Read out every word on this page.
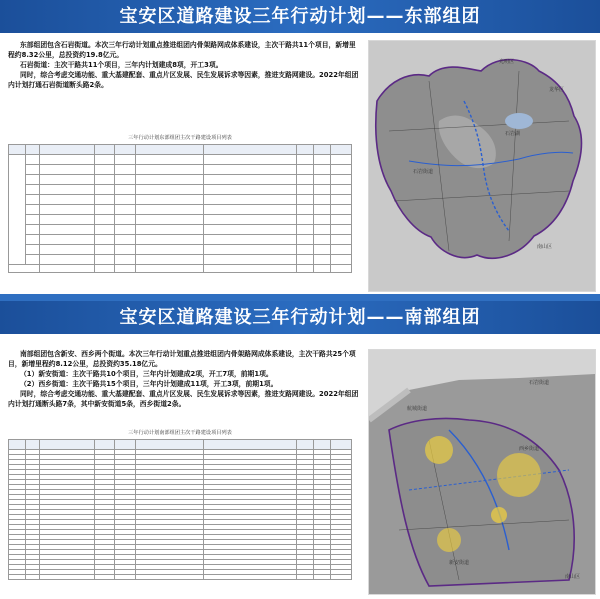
宝安区道路建设三年行动计划——东部组团

东部组团包含石岩街道。本次三年行动计划重点推进组团内骨架路网成体系建设，主次干路共11个项目，新增里程约8.32公里，总投资约19.8亿元。

石岩街道：主次干路共11个项目，三年内计划建成8项，开工3项。

同时，综合考虑交通功能、重大基建配套、重点片区发展、民生发展诉求等因素，推进支路网建设。2022年组团内计划打通石岩街道断头路2条。

三年行动计划东部组团主次干路建设项目列表

光明区
石岩街道
龙华区
南山区
石岩湖
宝安区道路建设三年行动计划——南部组团

南部组团包含新安、西乡两个街道。本次三年行动计划重点推进组团内骨架路网成体系建设，主次干路共25个项目，新增里程约8.12公里，总投资约35.18亿元。

（1）新安街道：主次干路共10个项目，三年内计划建成2项，开工7项，前期1项。

（2）西乡街道：主次干路共15个项目，三年内计划建成11项，开工3项，前期1项。

同时，综合考虑交通功能、重大基建配套、重点片区发展、民生发展诉求等因素，推进支路网建设。2022年组团内计划打通断头路7条，其中新安街道5条，西乡街道2条。

三年行动计划南部组团主次干路建设项目列表

石岩街道
航城街道
西乡街道
新安街道
南山区
